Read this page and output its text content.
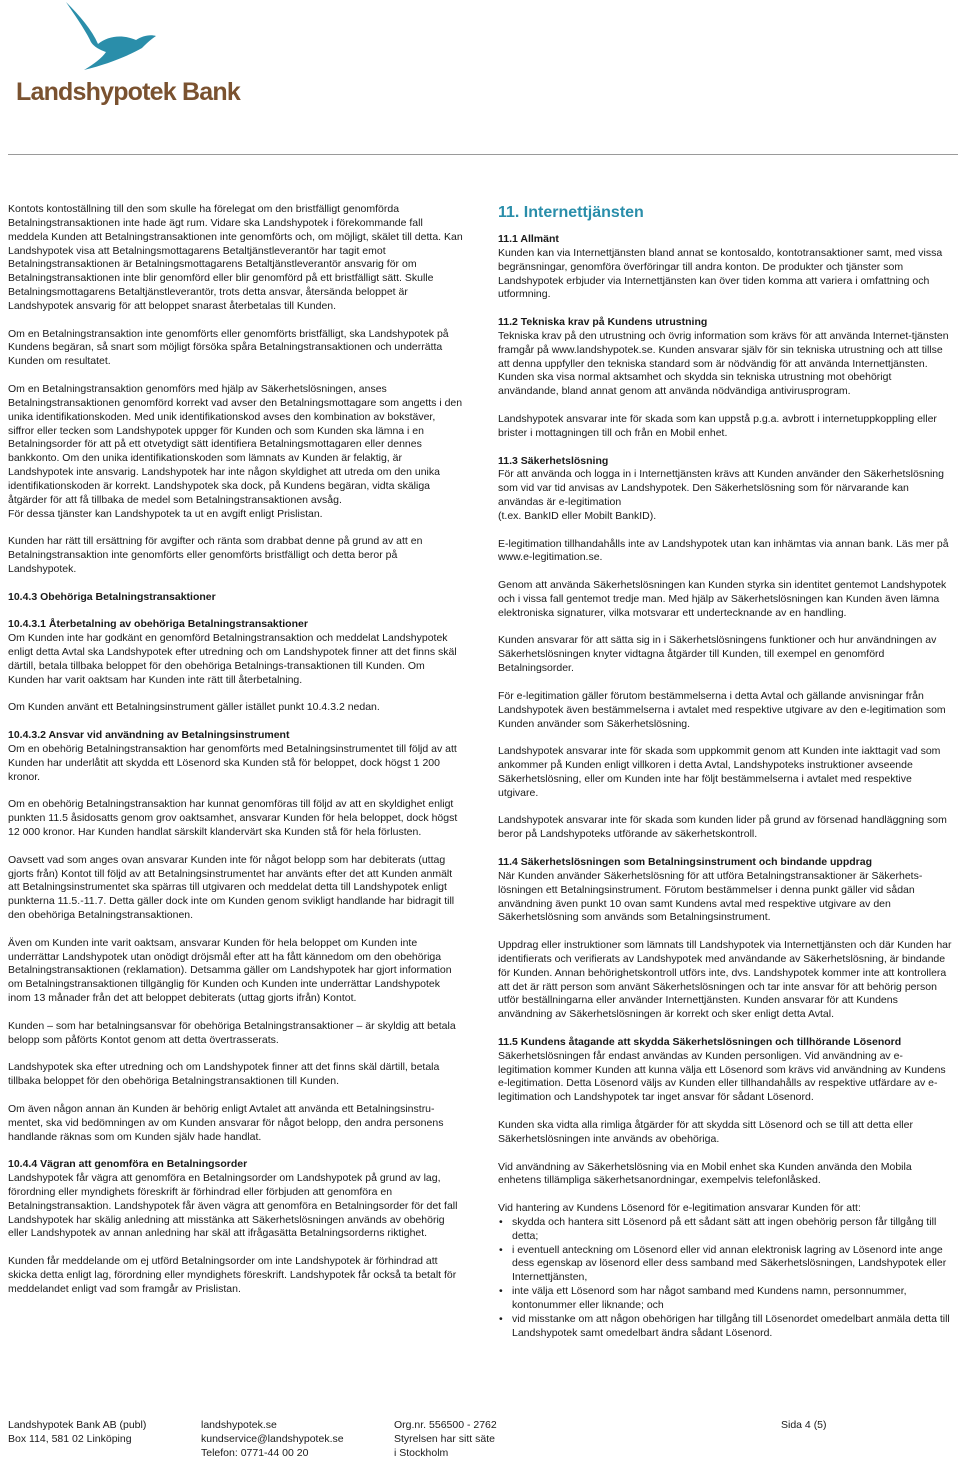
Landshypotek Bank

Kontots kontoställning till den som skulle ha förelegat om den bristfälligt genomförda Betalningstransaktionen inte hade ägt rum. Vidare ska Landshypotek i förekommande fall meddela Kunden att Betalningstransaktionen inte genomförts och, om möjligt, skälet till detta. Kan Landshypotek visa att Betalningsmottagarens Betaltjänstleverantör har tagit emot Betalningstransaktionen är Betalningsmottagarens Betaltjänstleverantör ansvarig för om Betalningstransaktionen inte blir genomförd eller blir genomförd på ett bristfälligt sätt. Skulle Betalningsmottagarens Betaltjänstleverantör, trots detta ansvar, återsända beloppet är Landshypotek ansvarig för att beloppet snarast återbetalas till Kunden.

Om en Betalningstransaktion inte genomförts eller genomförts bristfälligt, ska Landshypotek på Kundens begäran, så snart som möjligt försöka spåra Betalningstransaktionen och underrätta Kunden om resultatet.

Om en Betalningstransaktion genomförs med hjälp av Säkerhetslösningen, anses Betalningstransaktionen genomförd korrekt vad avser den Betalningsmottagare som angetts i den unika identifikationskoden. Med unik identifikationskod avses den kombination av bokstäver, siffror eller tecken som Landshypotek uppger för Kunden och som Kunden ska lämna i en Betalningsorder för att på ett otvetydigt sätt identifiera Betalningsmottagaren eller dennes bankkonto. Om den unika identifikationskoden som lämnats av Kunden är felaktig, är Landshypotek inte ansvarig. Landshypotek har inte någon skyldighet att utreda om den unika identifikationskoden är korrekt. Landshypotek ska dock, på Kundens begäran, vidta skäliga åtgärder för att få tillbaka de medel som Betalningstransaktionen avsåg.
För dessa tjänster kan Landshypotek ta ut en avgift enligt Prislistan.

Kunden har rätt till ersättning för avgifter och ränta som drabbat denne på grund av att en Betalningstransaktion inte genomförts eller genomförts bristfälligt och detta beror på Landshypotek.

10.4.3 Obehöriga Betalningstransaktioner

10.4.3.1 Återbetalning av obehöriga Betalningstransaktioner

Om Kunden inte har godkänt en genomförd Betalningstransaktion och meddelat Landshypotek enligt detta Avtal ska Landshypotek efter utredning och om Landshypotek finner att det finns skäl därtill, betala tillbaka beloppet för den obehöriga Betalnings-transaktionen till Kunden. Om Kunden har varit oaktsam har Kunden inte rätt till återbetalning.

Om Kunden använt ett Betalningsinstrument gäller istället punkt 10.4.3.2 nedan.

10.4.3.2 Ansvar vid användning av Betalningsinstrument

Om en obehörig Betalningstransaktion har genomförts med Betalningsinstrumentet till följd av att Kunden har underlåtit att skydda ett Lösenord ska Kunden stå för beloppet, dock högst 1 200 kronor.

Om en obehörig Betalningstransaktion har kunnat genomföras till följd av att en skyldighet enligt punkten 11.5 åsidosatts genom grov oaktsamhet, ansvarar Kunden för hela beloppet, dock högst 12 000 kronor. Har Kunden handlat särskilt klandervärt ska Kunden stå för hela förlusten.

Oavsett vad som anges ovan ansvarar Kunden inte för något belopp som har debiterats (uttag gjorts från) Kontot till följd av att Betalningsinstrumentet har använts efter det att Kunden anmält att Betalningsinstrumentet ska spärras till utgivaren och meddelat detta till Landshypotek enligt punkterna 11.5.-11.7. Detta gäller dock inte om Kunden genom svikligt handlande har bidragit till den obehöriga Betalningstransaktionen.

Även om Kunden inte varit oaktsam, ansvarar Kunden för hela beloppet om Kunden inte underrättar Landshypotek utan onödigt dröjsmål efter att ha fått kännedom om den obehöriga Betalningstransaktionen (reklamation). Detsamma gäller om Landshypotek har gjort information om Betalningstransaktionen tillgänglig för Kunden och Kunden inte underrättar Landshypotek inom 13 månader från det att beloppet debiterats (uttag gjorts ifrån) Kontot.

Kunden – som har betalningsansvar för obehöriga Betalningstransaktioner – är skyldig att betala belopp som påförts Kontot genom att detta övertrasserats.

Landshypotek ska efter utredning och om Landshypotek finner att det finns skäl därtill, betala tillbaka beloppet för den obehöriga Betalningstransaktionen till Kunden.

Om även någon annan än Kunden är behörig enligt Avtalet att använda ett Betalningsinstru-mentet, ska vid bedömningen av om Kunden ansvarar för något belopp, den andra personens handlande räknas som om Kunden själv hade handlat.

10.4.4 Vägran att genomföra en Betalningsorder

Landshypotek får vägra att genomföra en Betalningsorder om Landshypotek på grund av lag, förordning eller myndighets föreskrift är förhindrad eller förbjuden att genomföra en Betalningstransaktion. Landshypotek får även vägra att genomföra en Betalningsorder för det fall Landshypotek har skälig anledning att misstänka att Säkerhetslösningen används av obehörig eller Landshypotek av annan anledning har skäl att ifrågasätta Betalningsorderns riktighet.

Kunden får meddelande om ej utförd Betalningsorder om inte Landshypotek är förhindrad att skicka detta enligt lag, förordning eller myndighets föreskrift. Landshypotek får också ta betalt för meddelandet enligt vad som framgår av Prislistan.

11. Internettjänsten

11.1 Allmänt

Kunden kan via Internettjänsten bland annat se kontosaldo, kontotransaktioner samt, med vissa begränsningar, genomföra överföringar till andra konton. De produkter och tjänster som Landshypotek erbjuder via Internettjänsten kan över tiden komma att variera i omfattning och utformning.

11.2 Tekniska krav på Kundens utrustning

Tekniska krav på den utrustning och övrig information som krävs för att använda Internet-tjänsten framgår på www.landshypotek.se. Kunden ansvarar själv för sin tekniska utrustning och att tillse att denna uppfyller den tekniska standard som är nödvändig för att använda Internettjänsten. Kunden ska visa normal aktsamhet och skydda sin tekniska utrustning mot obehörigt användande, bland annat genom att använda nödvändiga antivirusprogram.

Landshypotek ansvarar inte för skada som kan uppstå p.g.a. avbrott i internetuppkoppling eller brister i mottagningen till och från en Mobil enhet.

11.3 Säkerhetslösning

För att använda och logga in i Internettjänsten krävs att Kunden använder den Säkerhetslösning som vid var tid anvisas av Landshypotek. Den Säkerhetslösning som för närvarande kan användas är e-legitimation
(t.ex. BankID eller Mobilt BankID).

E-legitimation tillhandahålls inte av Landshypotek utan kan inhämtas via annan bank. Läs mer på www.e-legitimation.se.

Genom att använda Säkerhetslösningen kan Kunden styrka sin identitet gentemot Landshypotek och i vissa fall gentemot tredje man. Med hjälp av Säkerhetslösningen kan Kunden även lämna elektroniska signaturer, vilka motsvarar ett undertecknande av en handling.

Kunden ansvarar för att sätta sig in i Säkerhetslösningens funktioner och hur användningen av Säkerhetslösningen knyter vidtagna åtgärder till Kunden, till exempel en genomförd Betalningsorder.

För e-legitimation gäller förutom bestämmelserna i detta Avtal och gällande anvisningar från Landshypotek även bestämmelserna i avtalet med respektive utgivare av den e-legitimation som Kunden använder som Säkerhetslösning.

Landshypotek ansvarar inte för skada som uppkommit genom att Kunden inte iakttagit vad som ankommer på Kunden enligt villkoren i detta Avtal, Landshypoteks instruktioner avseende Säkerhetslösning, eller om Kunden inte har följt bestämmelserna i avtalet med respektive utgivare.

Landshypotek ansvarar inte för skada som kunden lider på grund av försenad handläggning som beror på Landshypoteks utförande av säkerhetskontroll.

11.4 Säkerhetslösningen som Betalningsinstrument och bindande uppdrag

När Kunden använder Säkerhetslösning för att utföra Betalningstransaktioner är Säkerhets-lösningen ett Betalningsinstrument. Förutom bestämmelser i denna punkt gäller vid sådan användning även punkt 10 ovan samt Kundens avtal med respektive utgivare av den Säkerhetslösning som används som Betalningsinstrument.

Uppdrag eller instruktioner som lämnats till Landshypotek via Internettjänsten och där Kunden har identifierats och verifierats av Landshypotek med användande av Säkerhetslösning, är bindande för Kunden. Annan behörighetskontroll utförs inte, dvs. Landshypotek kommer inte att kontrollera att det är rätt person som använt Säkerhetslösningen och tar inte ansvar för att behörig person utför beställningarna eller använder Internettjänsten. Kunden ansvarar för att Kundens användning av Säkerhetslösningen är korrekt och sker enligt detta Avtal.

11.5 Kundens åtagande att skydda Säkerhetslösningen och tillhörande Lösenord

Säkerhetslösningen får endast användas av Kunden personligen. Vid användning av e-legitimation kommer Kunden att kunna välja ett Lösenord som krävs vid användning av Kundens e-legitimation. Detta Lösenord väljs av Kunden eller tillhandahålls av respektive utfärdare av e-legitimation och Landshypotek tar inget ansvar för sådant Lösenord.

Kunden ska vidta alla rimliga åtgärder för att skydda sitt Lösenord och se till att detta eller Säkerhetslösningen inte används av obehöriga.

Vid användning av Säkerhetslösning via en Mobil enhet ska Kunden använda den Mobila enhetens tillämpliga säkerhetsanordningar, exempelvis telefonlåsked.

Vid hantering av Kundens Lösenord för e-legitimation ansvarar Kunden för att:

• skydda och hantera sitt Lösenord på ett sådant sätt att ingen obehörig person får tillgång till detta;
• i eventuell anteckning om Lösenord eller vid annan elektronisk lagring av Lösenord inte ange dess egenskap av lösenord eller dess samband med Säkerhetslösningen, Landshypotek eller Internettjänsten,
• inte välja ett Lösenord som har något samband med Kundens namn, personnummer, kontonummer eller liknande; och
• vid misstanke om att någon obehörigen har tillgång till Lösenordet omedelbart anmäla detta till Landshypotek samt omedelbart ändra sådant Lösenord.
Landshypotek Bank AB (publ)
Box 114, 581 02 Linköping
landshypotek.se
kundservice@landshypotek.se
Telefon: 0771-44 00 20
Org.nr. 556500 - 2762
Styrelsen har sitt säte
i Stockholm
Sida 4 (5)
